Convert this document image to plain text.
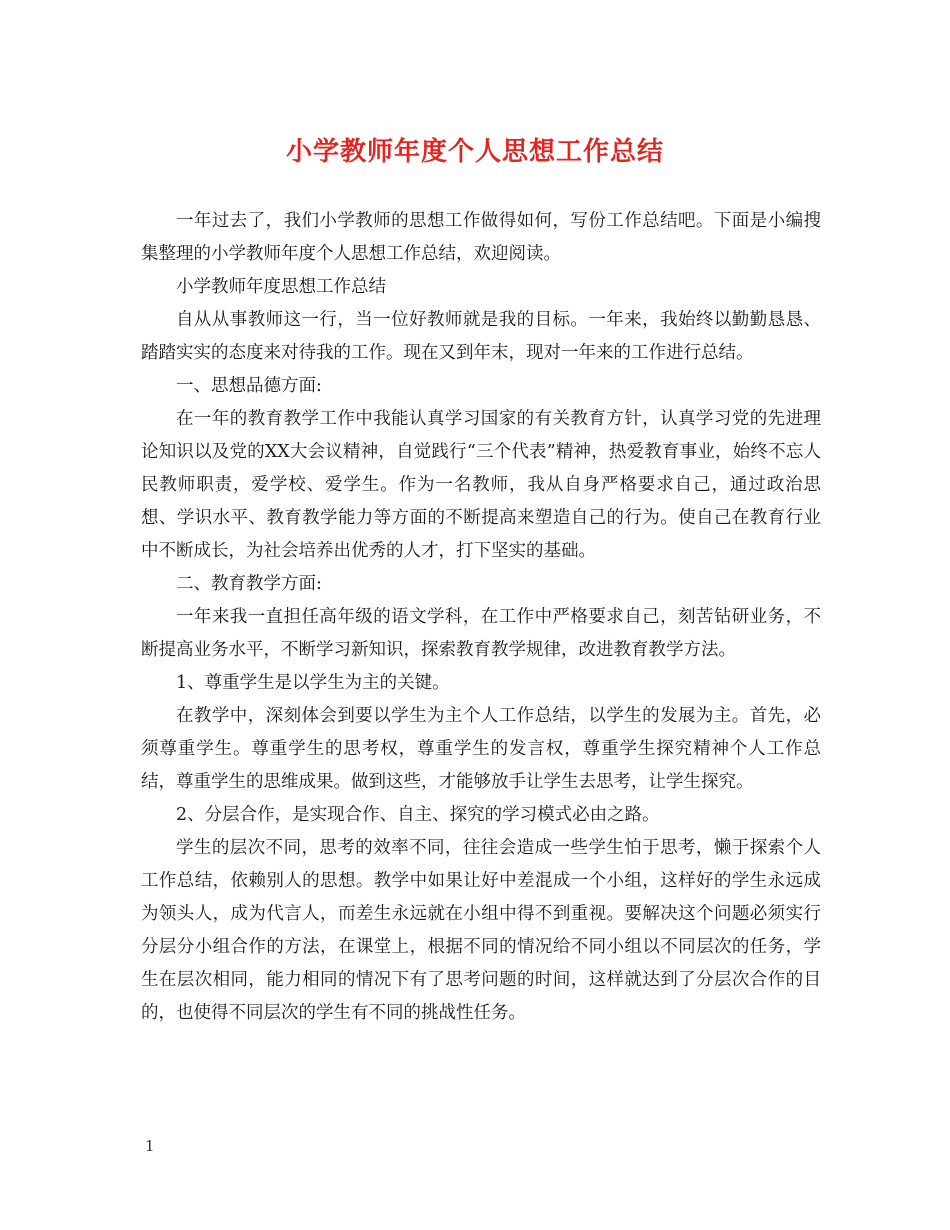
小学教师年度个人思想工作总结

一年过去了，我们小学教师的思想工作做得如何，写份工作总结吧。下面是小编搜集整理的小学教师年度个人思想工作总结，欢迎阅读。

小学教师年度思想工作总结

自从从事教师这一行，当一位好教师就是我的目标。一年来，我始终以勤勤恳恳、踏踏实实的态度来对待我的工作。现在又到年末，现对一年来的工作进行总结。

一、思想品德方面:

在一年的教育教学工作中我能认真学习国家的有关教育方针，认真学习党的先进理论知识以及党的XX大会议精神，自觉践行“三个代表”精神，热爱教育事业，始终不忘人民教师职责，爱学校、爱学生。作为一名教师，我从自身严格要求自己，通过政治思想、学识水平、教育教学能力等方面的不断提高来塑造自己的行为。使自己在教育行业中不断成长，为社会培养出优秀的人才，打下坚实的基础。

二、教育教学方面:

一年来我一直担任高年级的语文学科，在工作中严格要求自己，刻苦钻研业务，不断提高业务水平，不断学习新知识，探索教育教学规律，改进教育教学方法。

1、尊重学生是以学生为主的关键。

在教学中，深刻体会到要以学生为主个人工作总结，以学生的发展为主。首先，必须尊重学生。尊重学生的思考权，尊重学生的发言权，尊重学生探究精神个人工作总结，尊重学生的思维成果。做到这些，才能够放手让学生去思考，让学生探究。

2、分层合作，是实现合作、自主、探究的学习模式必由之路。

学生的层次不同，思考的效率不同，往往会造成一些学生怕于思考，懒于探索个人工作总结，依赖别人的思想。教学中如果让好中差混成一个小组，这样好的学生永远成为领头人，成为代言人，而差生永远就在小组中得不到重视。要解决这个问题必须实行分层分小组合作的方法，在课堂上，根据不同的情况给不同小组以不同层次的任务，学生在层次相同，能力相同的情况下有了思考问题的时间，这样就达到了分层次合作的目的，也使得不同层次的学生有不同的挑战性任务。

1
